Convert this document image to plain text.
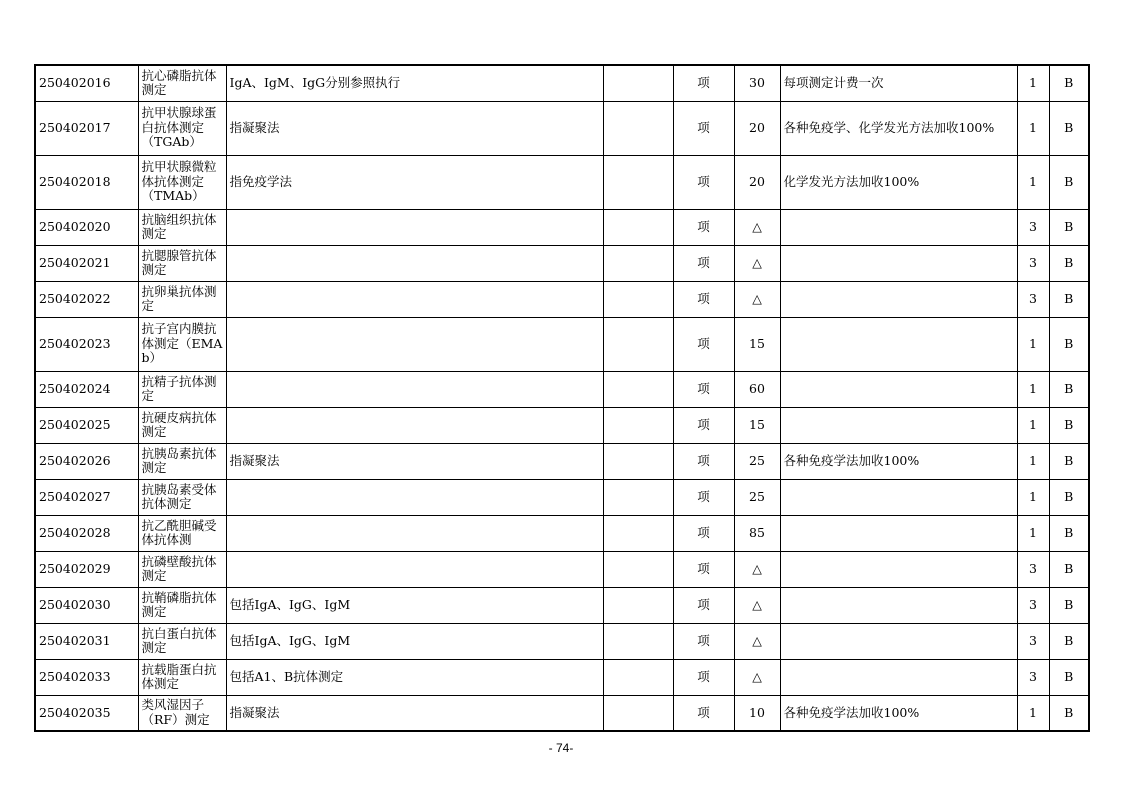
250402016	抗心磷脂抗体测定	IgA、IgM、IgG分别参照执行		项	30	每项测定计费一次	1	B
250402017	抗甲状腺球蛋白抗体测定（TGAb）	指凝聚法		项	20	各种免疫学、化学发光方法加收100%	1	B
250402018	抗甲状腺微粒体抗体测定（TMAb）	指免疫学法		项	20	化学发光方法加收100%	1	B
250402020	抗脑组织抗体测定			项	△		3	B
250402021	抗腮腺管抗体测定			项	△		3	B
250402022	抗卵巢抗体测定			项	△		3	B
250402023	抗子宫内膜抗体测定（EMAb）			项	15		1	B
250402024	抗精子抗体测定			项	60		1	B
250402025	抗硬皮病抗体测定			项	15		1	B
250402026	抗胰岛素抗体测定	指凝聚法		项	25	各种免疫学法加收100%	1	B
250402027	抗胰岛素受体抗体测定			项	25		1	B
250402028	抗乙酰胆碱受体抗体测			项	85		1	B
250402029	抗磷壁酸抗体测定			项	△		3	B
250402030	抗鞘磷脂抗体测定	包括IgA、IgG、IgM		项	△		3	B
250402031	抗白蛋白抗体测定	包括IgA、IgG、IgM		项	△		3	B
250402033	抗载脂蛋白抗体测定	包括A1、B抗体测定		项	△		3	B
250402035	类风湿因子（RF）测定	指凝聚法		项	10	各种免疫学法加收100%	1	B
- 74-
